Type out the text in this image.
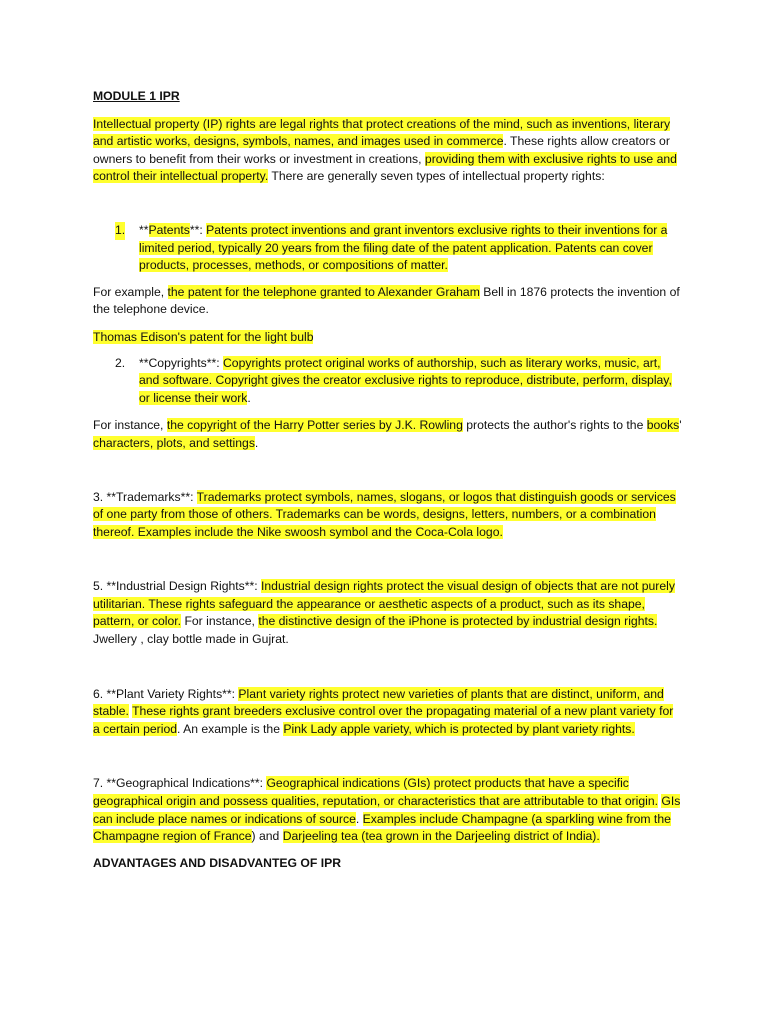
MODULE 1 IPR

Intellectual property (IP) rights are legal rights that protect creations of the mind, such as inventions, literary and artistic works, designs, symbols, names, and images used in commerce. These rights allow creators or owners to benefit from their works or investment in creations, providing them with exclusive rights to use and control their intellectual property. There are generally seven types of intellectual property rights:

1. **Patents**: Patents protect inventions and grant inventors exclusive rights to their inventions for a limited period, typically 20 years from the filing date of the patent application. Patents can cover products, processes, methods, or compositions of matter.

For example, the patent for the telephone granted to Alexander Graham Bell in 1876 protects the invention of the telephone device.

Thomas Edison's patent for the light bulb

2. **Copyrights**: Copyrights protect original works of authorship, such as literary works, music, art, and software. Copyright gives the creator exclusive rights to reproduce, distribute, perform, display, or license their work.

For instance, the copyright of the Harry Potter series by J.K. Rowling protects the author's rights to the books' characters, plots, and settings.

3. **Trademarks**: Trademarks protect symbols, names, slogans, or logos that distinguish goods or services of one party from those of others. Trademarks can be words, designs, letters, numbers, or a combination thereof. Examples include the Nike swoosh symbol and the Coca-Cola logo.

5. **Industrial Design Rights**: Industrial design rights protect the visual design of objects that are not purely utilitarian. These rights safeguard the appearance or aesthetic aspects of a product, such as its shape, pattern, or color. For instance, the distinctive design of the iPhone is protected by industrial design rights. Jwellery , clay bottle made in Gujrat.

6. **Plant Variety Rights**: Plant variety rights protect new varieties of plants that are distinct, uniform, and stable. These rights grant breeders exclusive control over the propagating material of a new plant variety for a certain period. An example is the Pink Lady apple variety, which is protected by plant variety rights.

7. **Geographical Indications**: Geographical indications (GIs) protect products that have a specific geographical origin and possess qualities, reputation, or characteristics that are attributable to that origin. GIs can include place names or indications of source. Examples include Champagne (a sparkling wine from the Champagne region of France) and Darjeeling tea (tea grown in the Darjeeling district of India).

ADVANTAGES AND DISADVANTEG OF IPR
